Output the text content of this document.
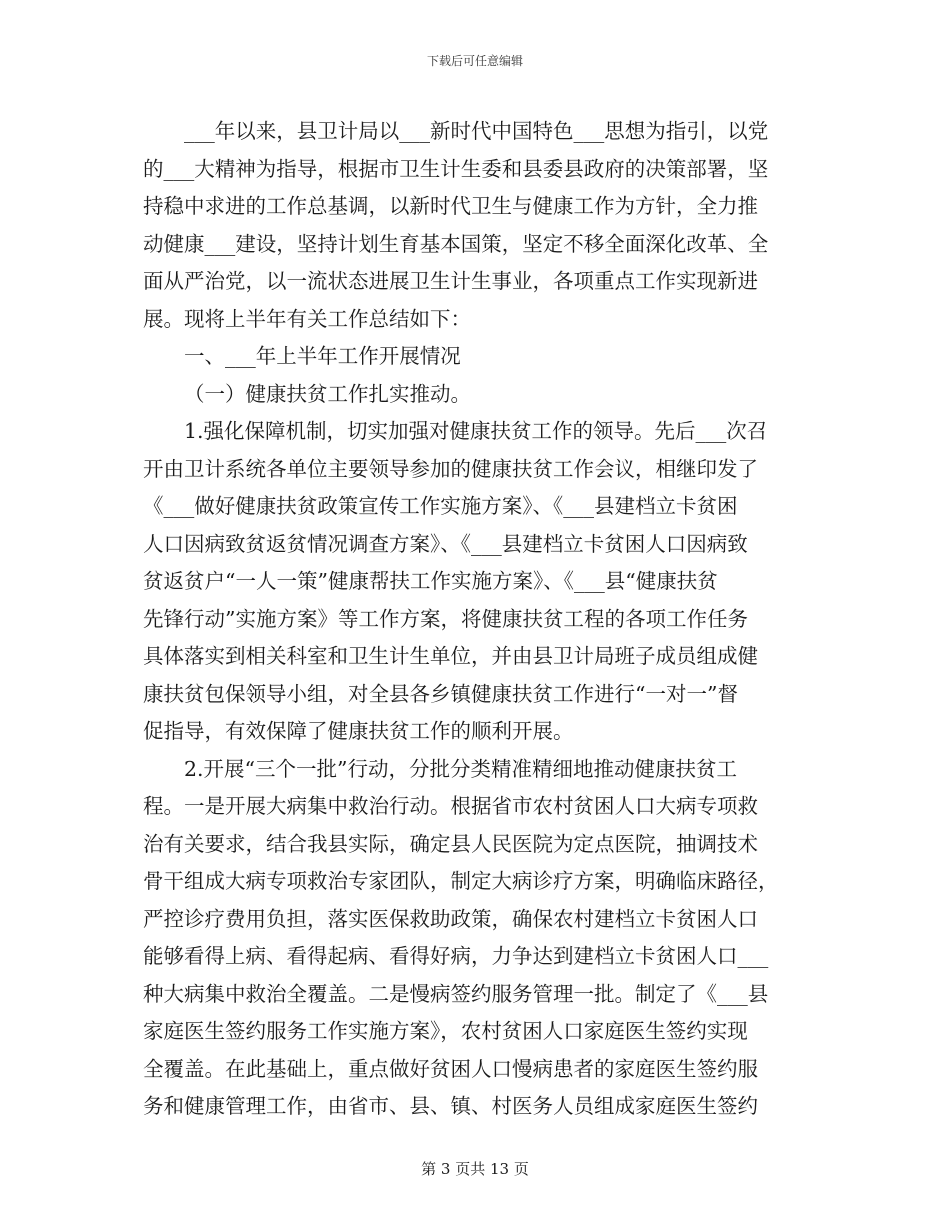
下载后可任意编辑
___年以来，县卫计局以___新时代中国特色___思想为指引，以党
的___大精神为指导，根据市卫生计生委和县委县政府的决策部署，坚
持稳中求进的工作总基调，以新时代卫生与健康工作为方针，全力推
动健康___建设，坚持计划生育基本国策，坚定不移全面深化改革、全
面从严治党，以一流状态进展卫生计生事业，各项重点工作实现新进
展。现将上半年有关工作总结如下：
一、___年上半年工作开展情况
（一）健康扶贫工作扎实推动。
1.强化保障机制，切实加强对健康扶贫工作的领导。先后___次召
开由卫计系统各单位主要领导参加的健康扶贫工作会议，相继印发了
《___做好健康扶贫政策宣传工作实施方案》、《___县建档立卡贫困
人口因病致贫返贫情况调查方案》、《___县建档立卡贫困人口因病致
贫返贫户“一人一策”健康帮扶工作实施方案》、《___县“健康扶贫
先锋行动”实施方案》等工作方案，将健康扶贫工程的各项工作任务
具体落实到相关科室和卫生计生单位，并由县卫计局班子成员组成健
康扶贫包保领导小组，对全县各乡镇健康扶贫工作进行“一对一”督
促指导，有效保障了健康扶贫工作的顺利开展。
2.开展“三个一批”行动，分批分类精准精细地推动健康扶贫工
程。一是开展大病集中救治行动。根据省市农村贫困人口大病专项救
治有关要求，结合我县实际，确定县人民医院为定点医院，抽调技术
骨干组成大病专项救治专家团队，制定大病诊疗方案，明确临床路径，
严控诊疗费用负担，落实医保救助政策，确保农村建档立卡贫困人口
能够看得上病、看得起病、看得好病，力争达到建档立卡贫困人口___
种大病集中救治全覆盖。二是慢病签约服务管理一批。制定了《___县
家庭医生签约服务工作实施方案》，农村贫困人口家庭医生签约实现
全覆盖。在此基础上，重点做好贫困人口慢病患者的家庭医生签约服
务和健康管理工作，由省市、县、镇、村医务人员组成家庭医生签约
第 3 页共 13 页
